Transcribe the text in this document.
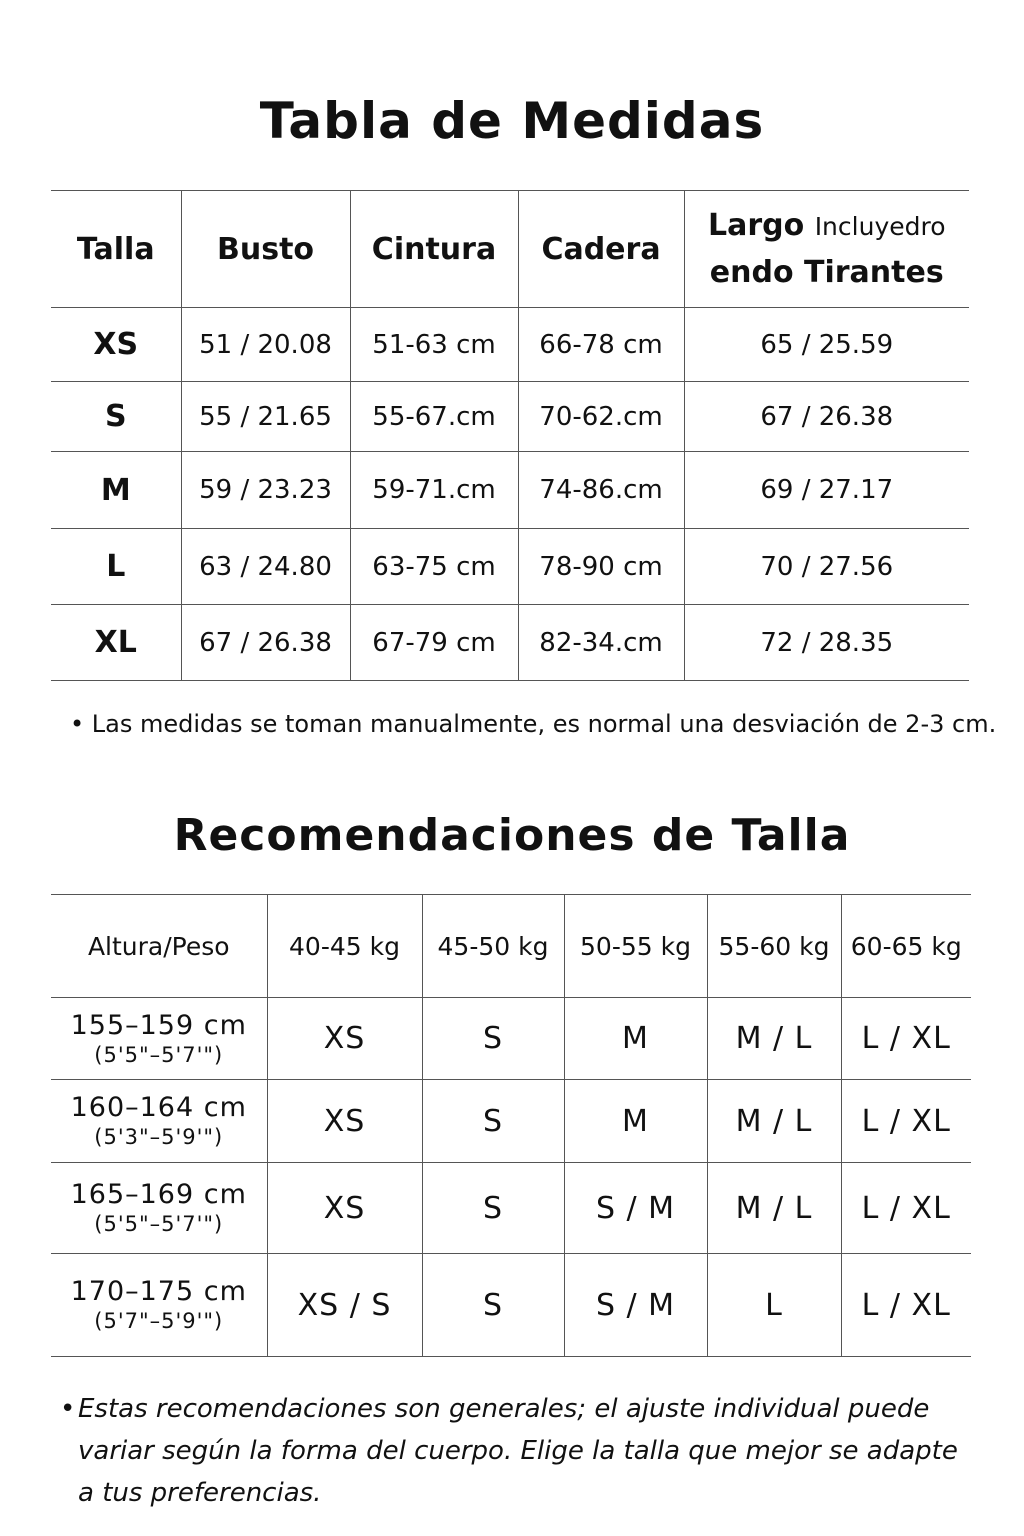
Tabla de Medidas
Talla	Busto	Cintura	Cadera	Largo Incluyedro
endo Tirantes
XS	51 / 20.08	51-63 cm	66-78 cm	65 / 25.59
S	55 / 21.65	55-67.cm	70-62.cm	67 / 26.38
M	59 / 23.23	59-71.cm	74-86.cm	69 / 27.17
L	63 / 24.80	63-75 cm	78-90 cm	70 / 27.56
XL	67 / 26.38	67-79 cm	82-34.cm	72 / 28.35

• Las medidas se toman manualmente, es normal una desviación de 2-3 cm.

Recomendaciones de Talla
Altura/Peso	40-45 kg	45-50 kg	50-55 kg	55-60 kg	60-65 kg

155–159 cm
(5'5"–5'7'")	XS	S	M	M / L	L / XL

160–164 cm
(5'3"–5'9'")	XS	S	M	M / L	L / XL

165–169 cm
(5'5"–5'7'")	XS	S	S / M	M / L	L / XL

170–175 cm
(5'7"–5'9'")	XS / S	S	S / M	L	L / XL

• Estas recomendaciones son generales; el ajuste individual puede variar según la forma del cuerpo. Elige la talla que mejor se adapte a tus preferencias.
